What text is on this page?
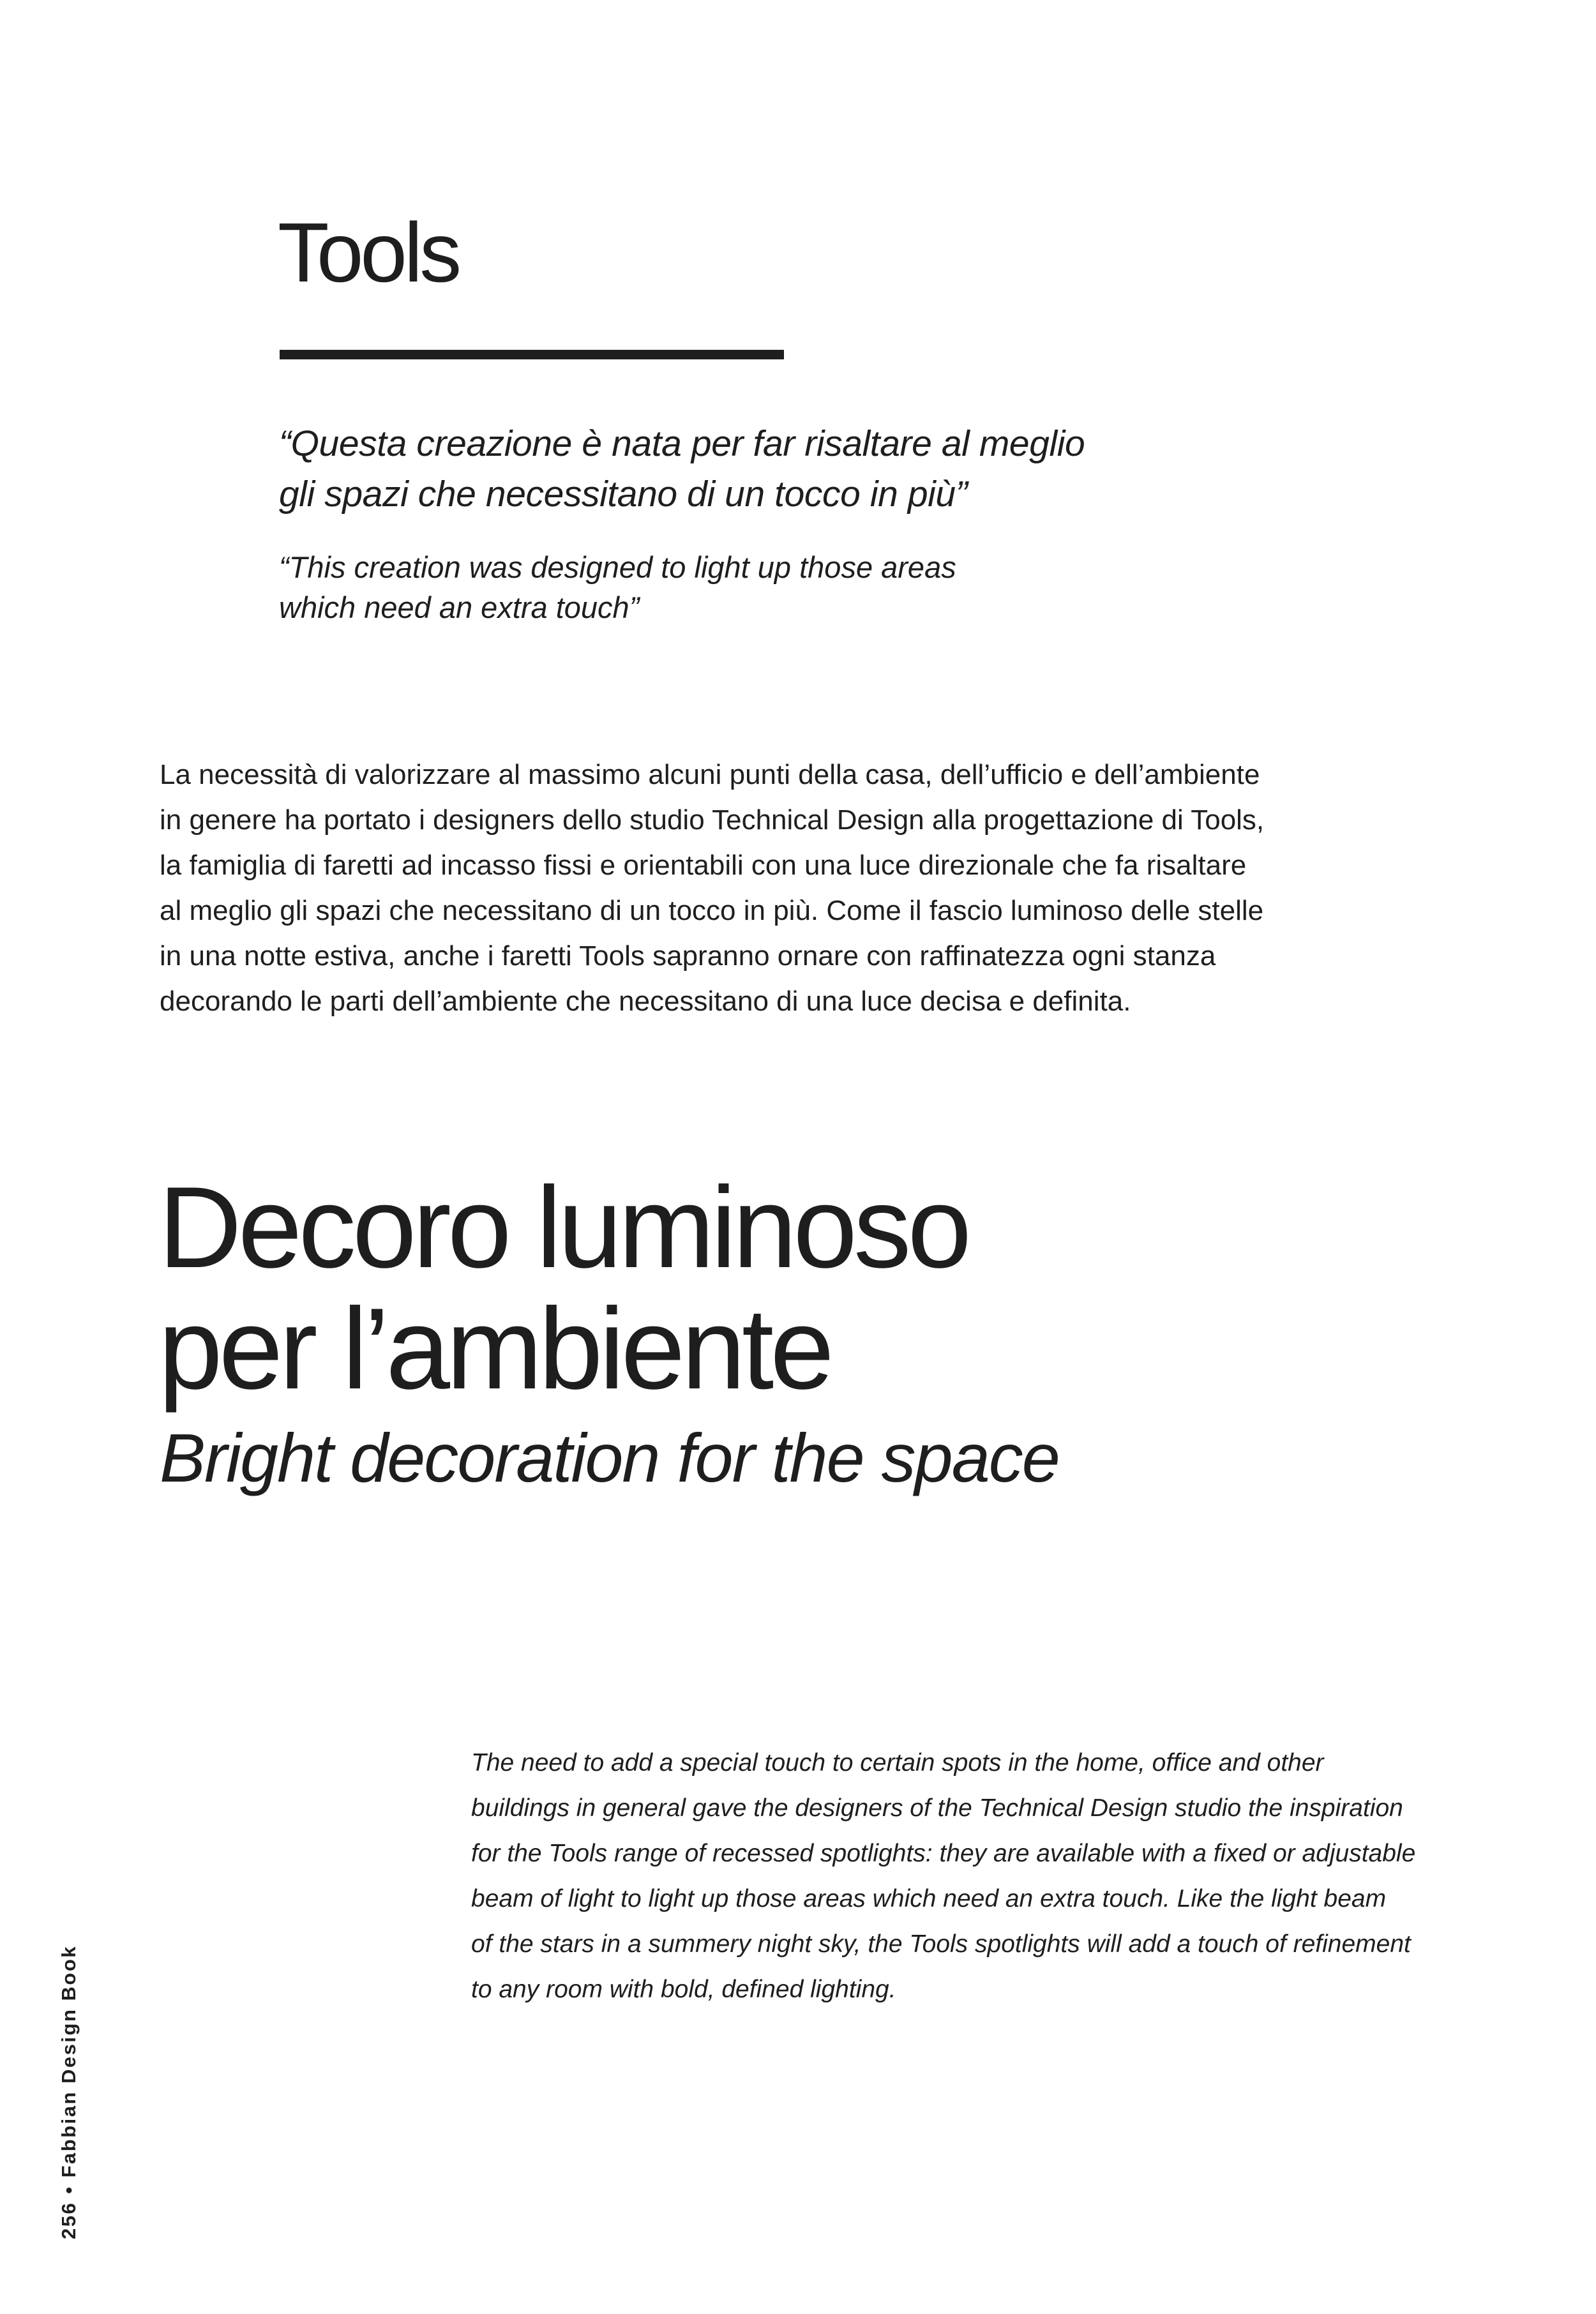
Tools
“Questa creazione è nata per far risaltare al meglio
gli spazi che necessitano di un tocco in più”
“This creation was designed to light up those areas
which need an extra touch”
La necessità di valorizzare al massimo alcuni punti della casa, dell’ufficio e dell’ambiente
in genere ha portato i designers dello studio Technical Design alla progettazione di Tools,
la famiglia di faretti ad incasso fissi e orientabili con una luce direzionale che fa risaltare
al meglio gli spazi che necessitano di un tocco in più. Come il fascio luminoso delle stelle
in una notte estiva, anche i faretti Tools sapranno ornare con raffinatezza ogni stanza
decorando le parti dell’ambiente che necessitano di una luce decisa e definita.
Decoro luminoso
per l’ambiente
Bright decoration for the space
The need to add a special touch to certain spots in the home, office and other
buildings in general gave the designers of the Technical Design studio the inspiration
for the Tools range of recessed spotlights: they are available with a fixed or adjustable
beam of light to light up those areas which need an extra touch. Like the light beam
of the stars in a summery night sky, the Tools spotlights will add a touch of refinement
to any room with bold, defined lighting.
256•Fabbian Design Book
